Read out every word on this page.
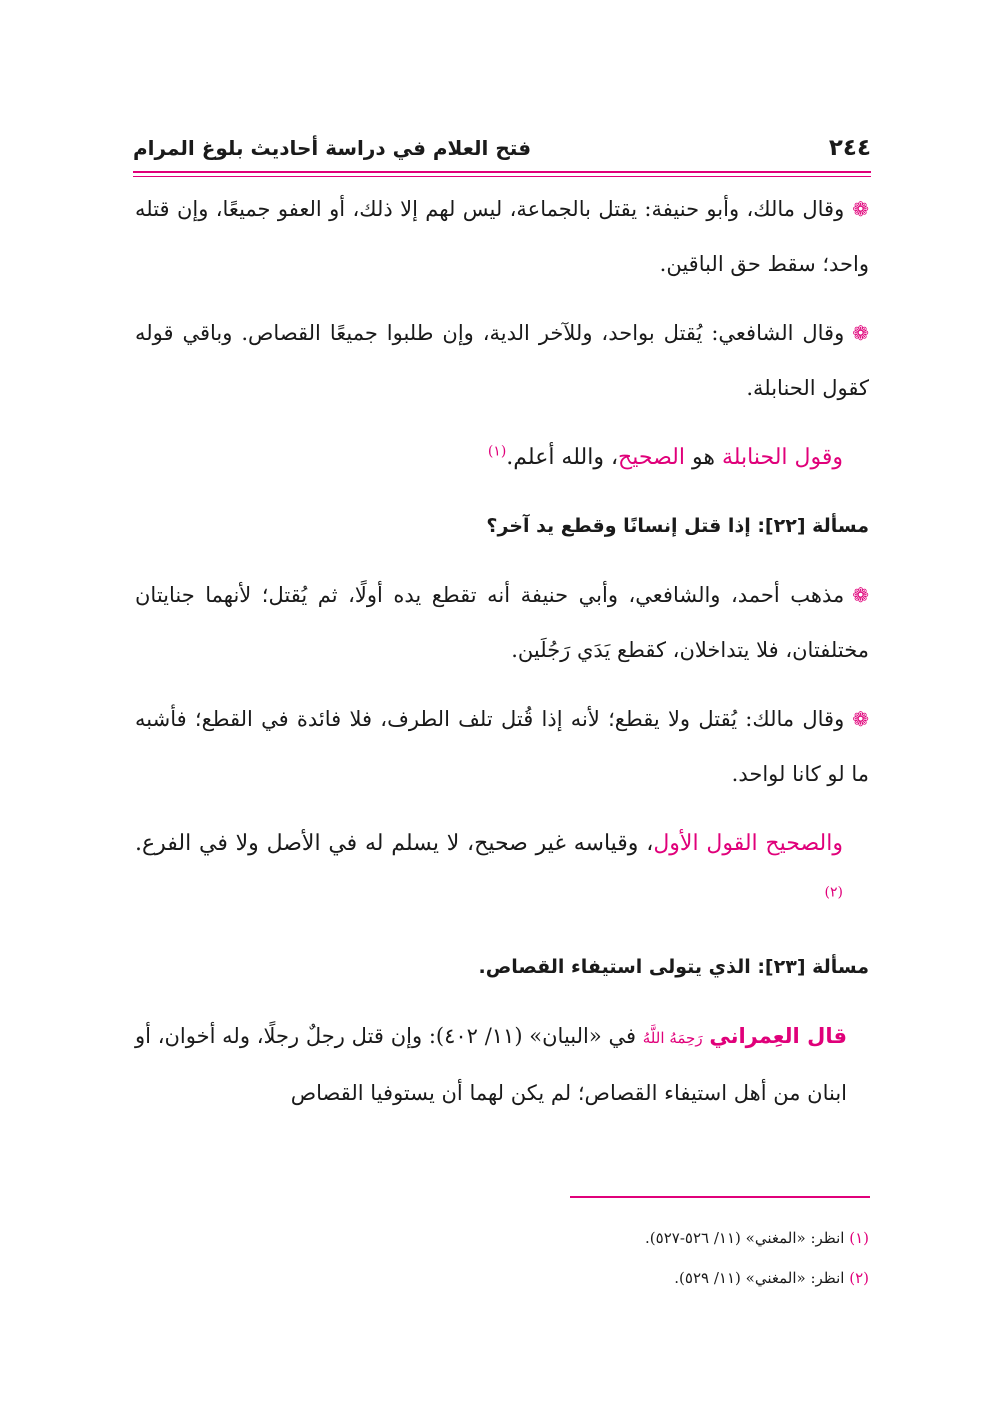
٢٤٤
فتح العلام في دراسة أحاديث بلوغ المرام

❁وقال مالك، وأبو حنيفة: يقتل بالجماعة، ليس لهم إلا ذلك، أو العفو جميعًا، وإن قتله واحد؛ سقط حق الباقين.

❁وقال الشافعي: يُقتل بواحد، وللآخر الدية، وإن طلبوا جميعًا القصاص. وباقي قوله كقول الحنابلة.

وقول الحنابلة هو الصحيح، والله أعلم.$^{(١)}$

مسألة [٢٢]: إذا قتل إنسانًا وقطع يد آخر؟

❁مذهب أحمد، والشافعي، وأبي حنيفة أنه تقطع يده أولًا، ثم يُقتل؛ لأنهما جنايتان مختلفتان، فلا يتداخلان، كقطع يَدَي رَجُلَين.

❁وقال مالك: يُقتل ولا يقطع؛ لأنه إذا قُتل تلف الطرف، فلا فائدة في القطع؛ فأشبه ما لو كانا لواحد.

والصحيح القول الأول، وقياسه غير صحيح، لا يسلم له في الأصل ولا في الفرع.$^{(٢)}$

مسألة [٢٣]: الذي يتولى استيفاء القصاص.

قال العِمراني رَحِمَهُ اللَّهُ في «البيان» (١١/ ٤٠٢): وإن قتل رجلٌ رجلًا، وله أخوان، أو ابنان من أهل استيفاء القصاص؛ لم يكن لهما أن يستوفيا القصاص

(١) انظر: «المغني» (١١/ ٥٢٦-٥٢٧).
(٢) انظر: «المغني» (١١/ ٥٢٩).
